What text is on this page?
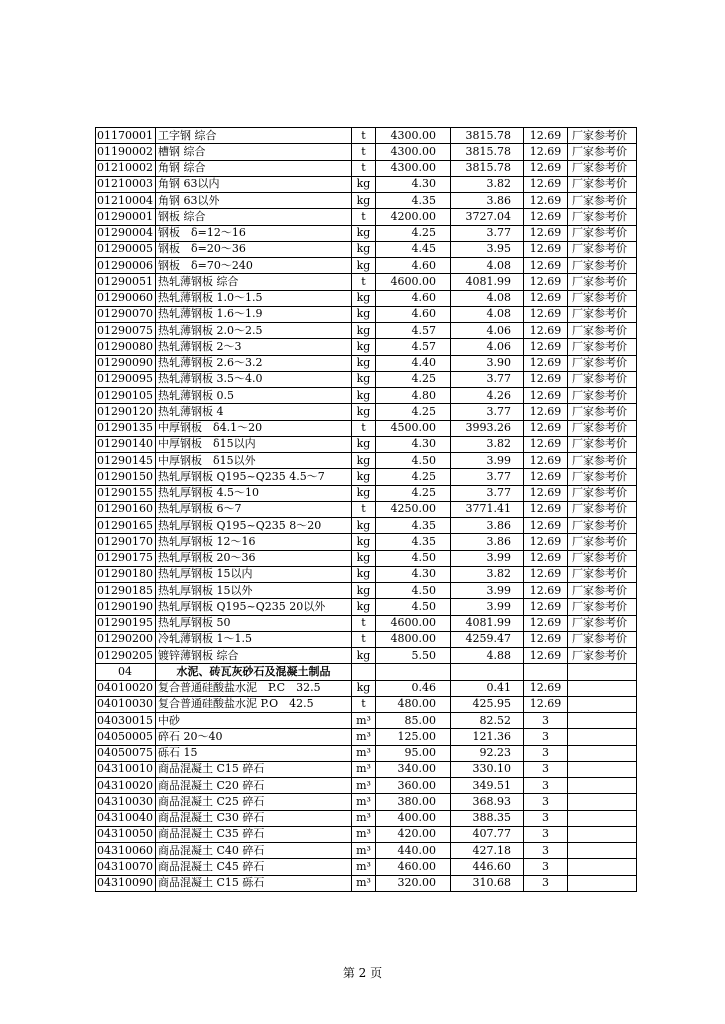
01170001	工字钢 综合	t	4300.00	3815.78	12.69	厂家参考价
01190002	槽钢 综合	t	4300.00	3815.78	12.69	厂家参考价
01210002	角钢 综合	t	4300.00	3815.78	12.69	厂家参考价
01210003	角钢 63以内	kg	4.30	3.82	12.69	厂家参考价
01210004	角钢 63以外	kg	4.35	3.86	12.69	厂家参考价
01290001	钢板 综合	t	4200.00	3727.04	12.69	厂家参考价
01290004	钢板　δ=12～16	kg	4.25	3.77	12.69	厂家参考价
01290005	钢板　δ=20～36	kg	4.45	3.95	12.69	厂家参考价
01290006	钢板　δ=70～240	kg	4.60	4.08	12.69	厂家参考价
01290051	热轧薄钢板 综合	t	4600.00	4081.99	12.69	厂家参考价
01290060	热轧薄钢板 1.0～1.5	kg	4.60	4.08	12.69	厂家参考价
01290070	热轧薄钢板 1.6～1.9	kg	4.60	4.08	12.69	厂家参考价
01290075	热轧薄钢板 2.0～2.5	kg	4.57	4.06	12.69	厂家参考价
01290080	热轧薄钢板 2～3	kg	4.57	4.06	12.69	厂家参考价
01290090	热轧薄钢板 2.6～3.2	kg	4.40	3.90	12.69	厂家参考价
01290095	热轧薄钢板 3.5～4.0	kg	4.25	3.77	12.69	厂家参考价
01290105	热轧薄钢板 0.5	kg	4.80	4.26	12.69	厂家参考价
01290120	热轧薄钢板 4	kg	4.25	3.77	12.69	厂家参考价
01290135	中厚钢板　δ4.1～20	t	4500.00	3993.26	12.69	厂家参考价
01290140	中厚钢板　δ15以内	kg	4.30	3.82	12.69	厂家参考价
01290145	中厚钢板　δ15以外	kg	4.50	3.99	12.69	厂家参考价
01290150	热轧厚钢板 Q195~Q235 4.5～7	kg	4.25	3.77	12.69	厂家参考价
01290155	热轧厚钢板 4.5～10	kg	4.25	3.77	12.69	厂家参考价
01290160	热轧厚钢板 6～7	t	4250.00	3771.41	12.69	厂家参考价
01290165	热轧厚钢板 Q195~Q235 8～20	kg	4.35	3.86	12.69	厂家参考价
01290170	热轧厚钢板 12～16	kg	4.35	3.86	12.69	厂家参考价
01290175	热轧厚钢板 20～36	kg	4.50	3.99	12.69	厂家参考价
01290180	热轧厚钢板 15以内	kg	4.30	3.82	12.69	厂家参考价
01290185	热轧厚钢板 15以外	kg	4.50	3.99	12.69	厂家参考价
01290190	热轧厚钢板 Q195~Q235 20以外	kg	4.50	3.99	12.69	厂家参考价
01290195	热轧厚钢板 50	t	4600.00	4081.99	12.69	厂家参考价
01290200	冷轧薄钢板 1～1.5	t	4800.00	4259.47	12.69	厂家参考价
01290205	镀锌薄钢板 综合	kg	5.50	4.88	12.69	厂家参考价
04	水泥、砖瓦灰砂石及混凝土制品					
04010020	复合普通硅酸盐水泥　P.C　32.5	kg	0.46	0.41	12.69	
04010030	复合普通硅酸盐水泥 P.O　42.5	t	480.00	425.95	12.69	
04030015	中砂	m³	85.00	82.52	3	
04050005	碎石 20～40	m³	125.00	121.36	3	
04050075	砾石 15	m³	95.00	92.23	3	
04310010	商品混凝土 C15 碎石	m³	340.00	330.10	3	
04310020	商品混凝土 C20 碎石	m³	360.00	349.51	3	
04310030	商品混凝土 C25 碎石	m³	380.00	368.93	3	
04310040	商品混凝土 C30 碎石	m³	400.00	388.35	3	
04310050	商品混凝土 C35 碎石	m³	420.00	407.77	3	
04310060	商品混凝土 C40 碎石	m³	440.00	427.18	3	
04310070	商品混凝土 C45 碎石	m³	460.00	446.60	3	
04310090	商品混凝土 C15 砾石	m³	320.00	310.68	3	
第 2 页
